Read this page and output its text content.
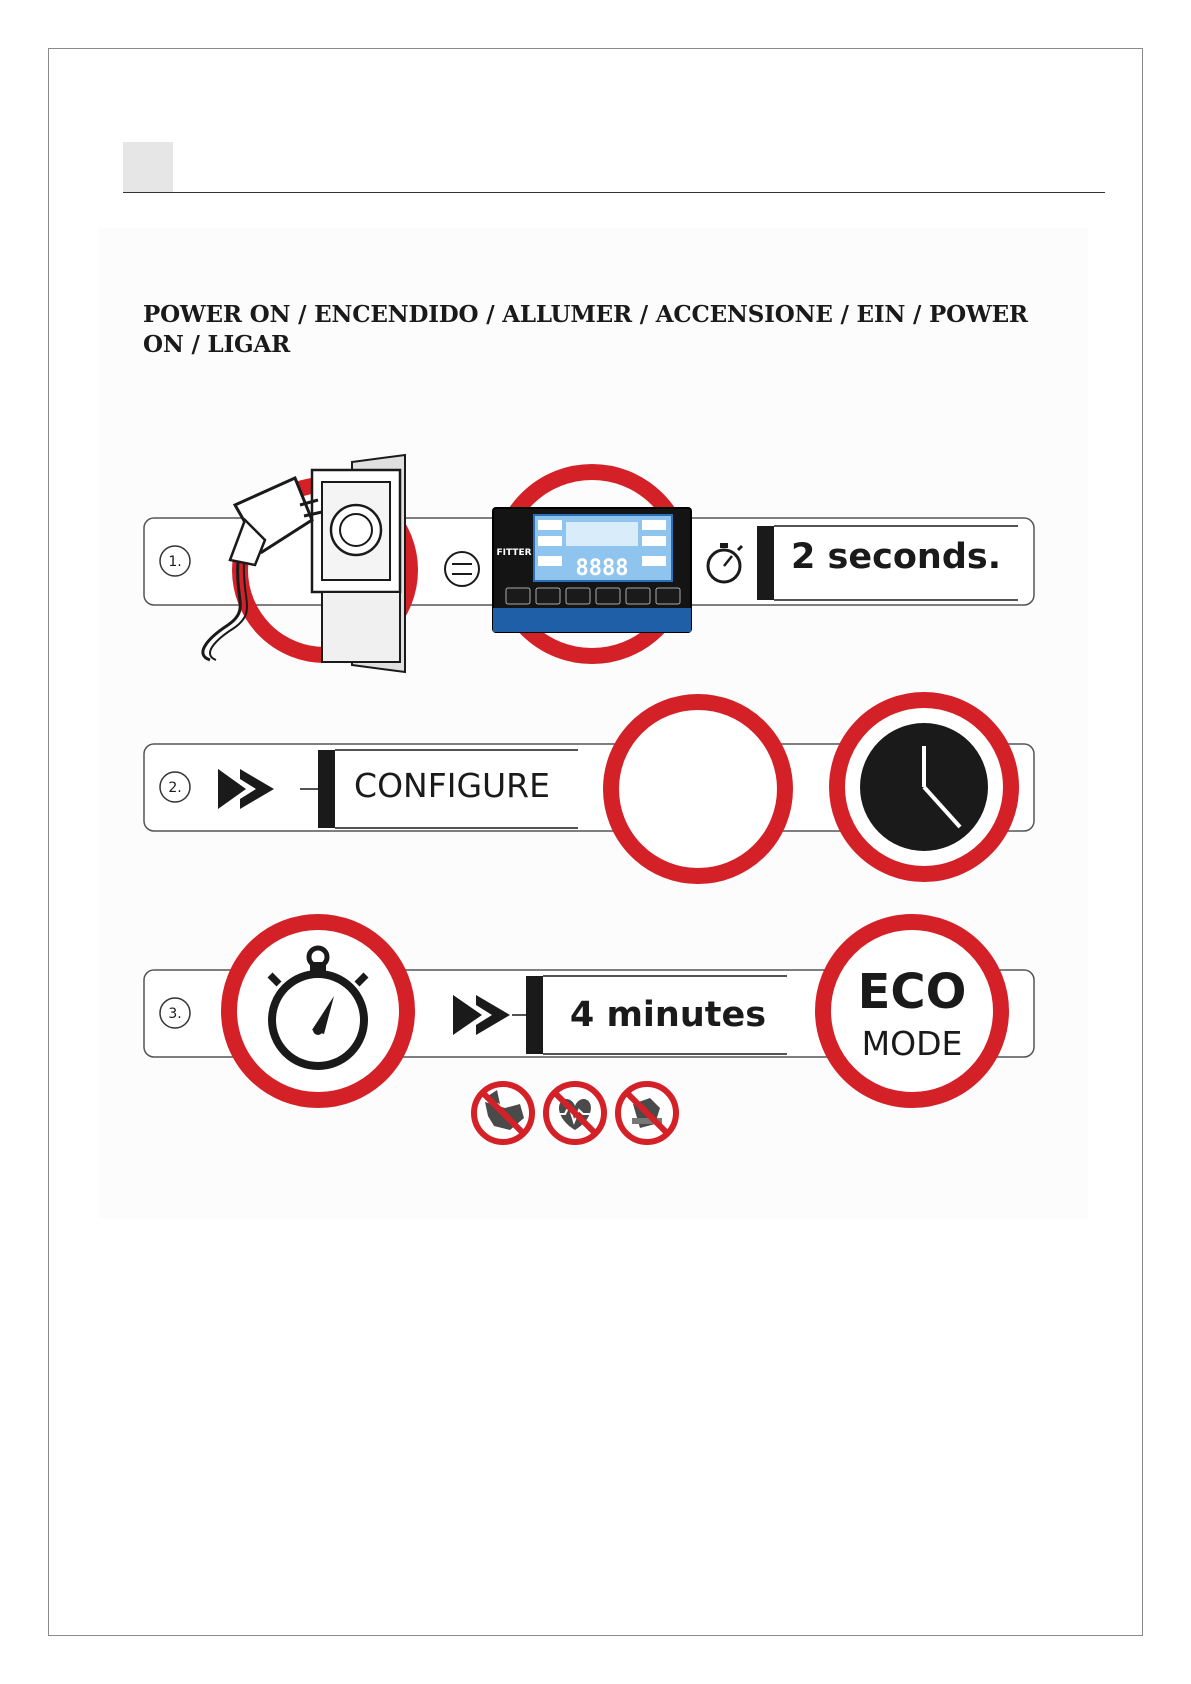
POWER ON / ENCENDIDO / ALLUMER / ACCENSIONE / EIN / POWER ON / LIGAR
1.
FITTER
8888	2 seconds.
2.	CONFIGURE
3.	4 minutes ECO
MODE
